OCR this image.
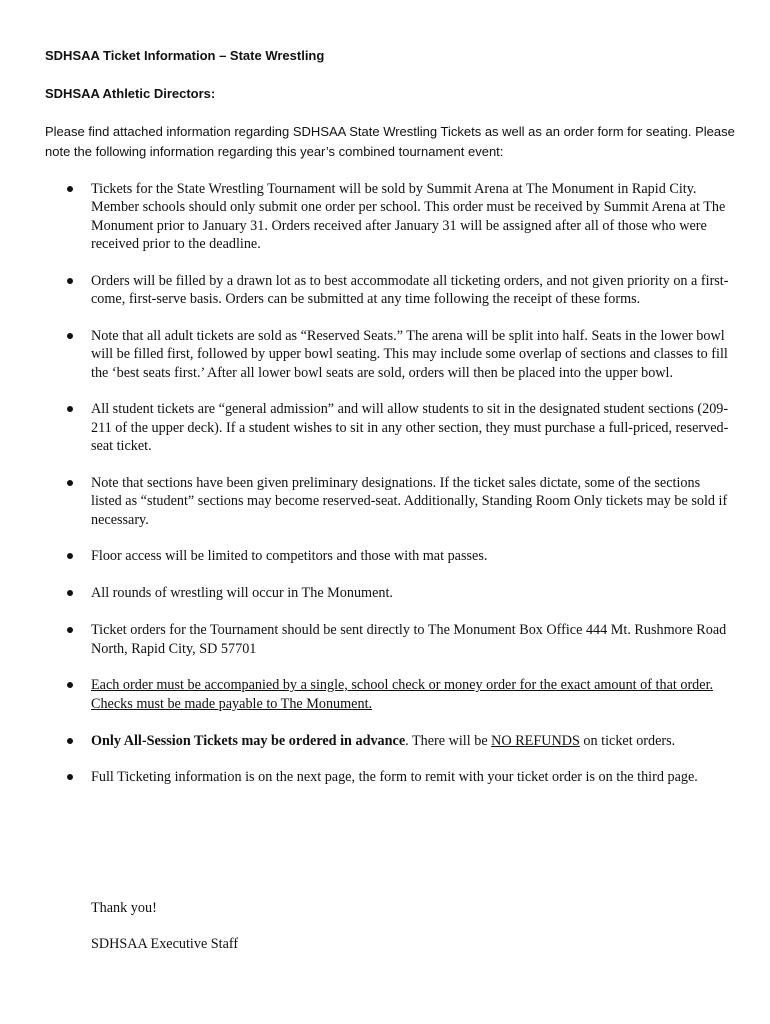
SDHSAA Ticket Information – State Wrestling
SDHSAA Athletic Directors:
Please find attached information regarding SDHSAA State Wrestling Tickets as well as an order form for seating. Please note the following information regarding this year’s combined tournament event:
Tickets for the State Wrestling Tournament will be sold by Summit Arena at The Monument in Rapid City. Member schools should only submit one order per school. This order must be received by Summit Arena at The Monument prior to January 31. Orders received after January 31 will be assigned after all of those who were received prior to the deadline.
Orders will be filled by a drawn lot as to best accommodate all ticketing orders, and not given priority on a first-come, first-serve basis. Orders can be submitted at any time following the receipt of these forms.
Note that all adult tickets are sold as “Reserved Seats.” The arena will be split into half. Seats in the lower bowl will be filled first, followed by upper bowl seating. This may include some overlap of sections and classes to fill the ‘best seats first.’ After all lower bowl seats are sold, orders will then be placed into the upper bowl.
All student tickets are “general admission” and will allow students to sit in the designated student sections (209-211 of the upper deck). If a student wishes to sit in any other section, they must purchase a full-priced, reserved-seat ticket.
Note that sections have been given preliminary designations. If the ticket sales dictate, some of the sections listed as “student” sections may become reserved-seat. Additionally, Standing Room Only tickets may be sold if necessary.
Floor access will be limited to competitors and those with mat passes.
All rounds of wrestling will occur in The Monument.
Ticket orders for the Tournament should be sent directly to The Monument Box Office 444 Mt. Rushmore Road North, Rapid City, SD 57701
Each order must be accompanied by a single, school check or money order for the exact amount of that order. Checks must be made payable to The Monument.
Only All-Session Tickets may be ordered in advance. There will be NO REFUNDS on ticket orders.
Full Ticketing information is on the next page, the form to remit with your ticket order is on the third page.
Thank you!
SDHSAA Executive Staff
